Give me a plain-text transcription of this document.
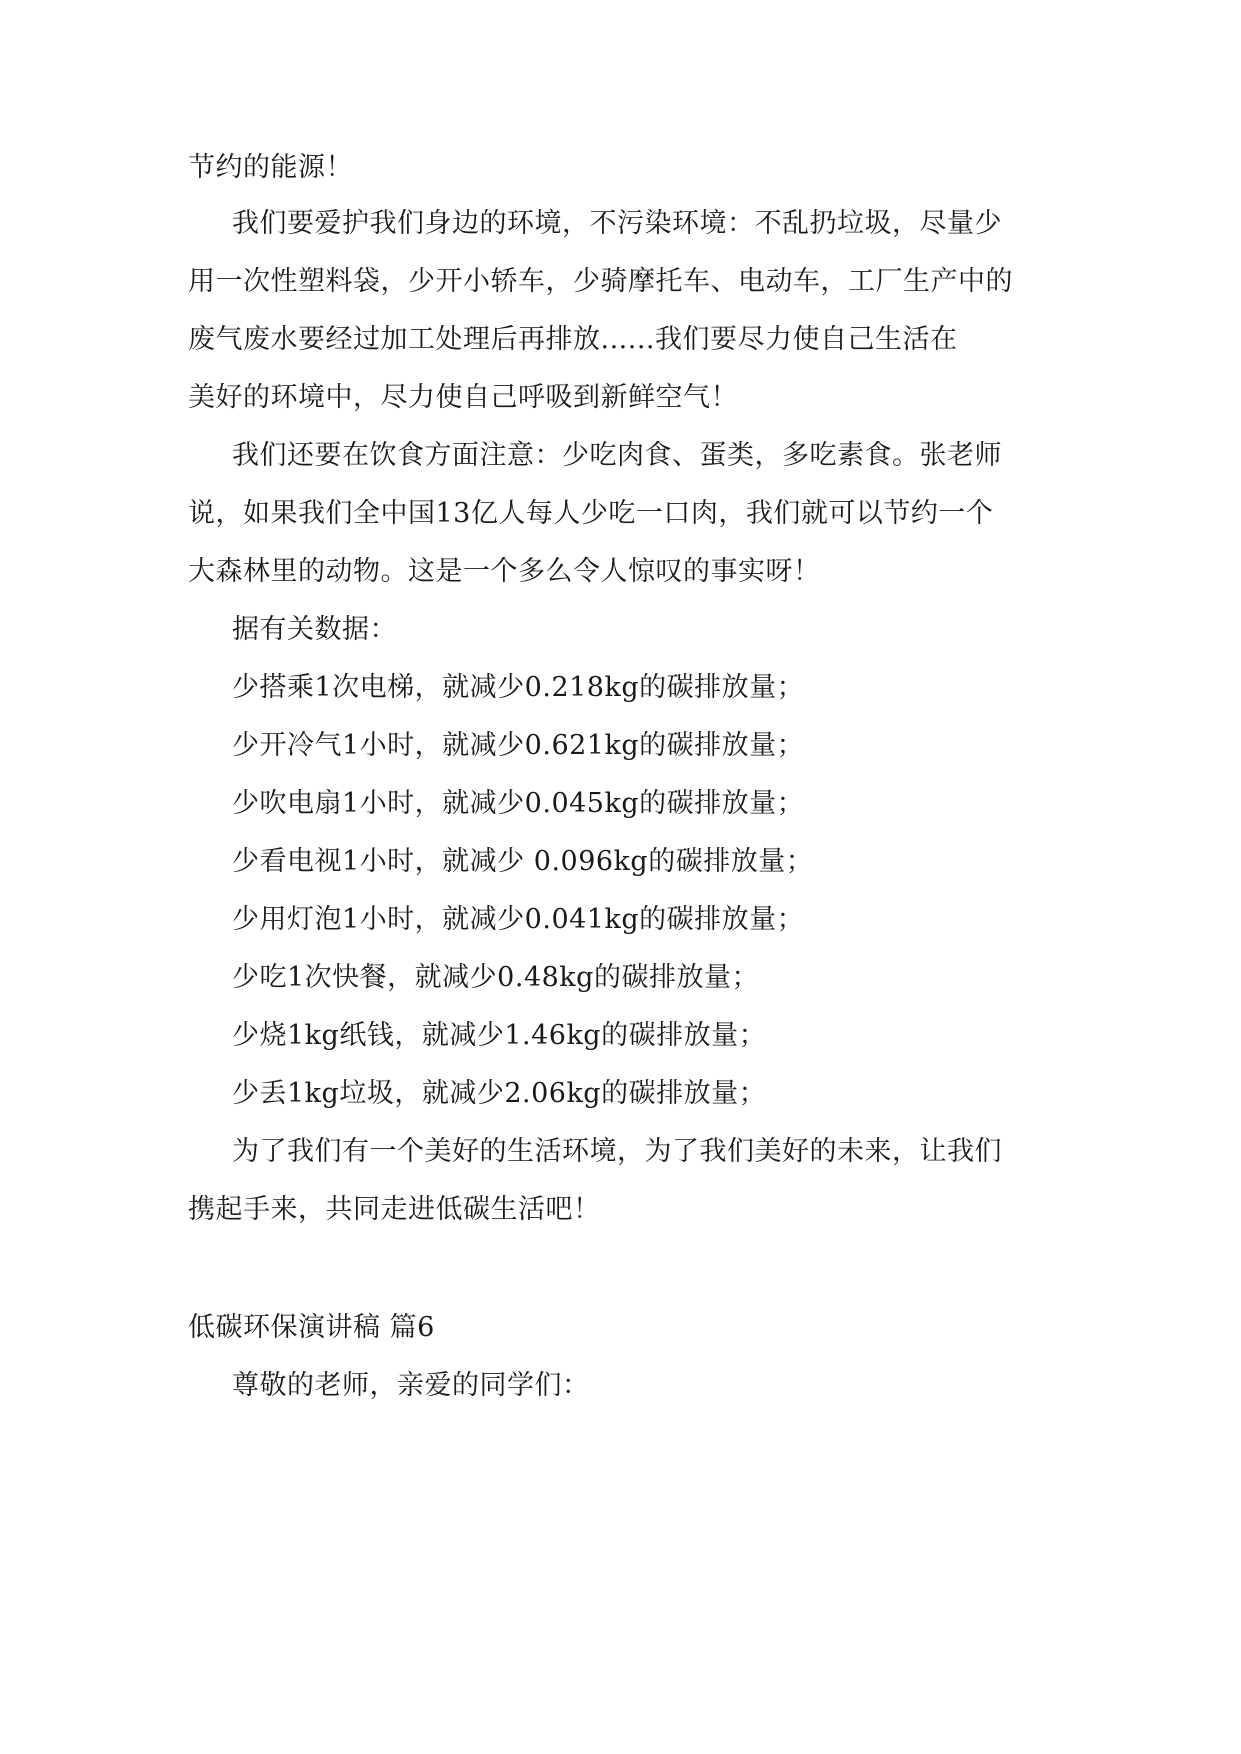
节约的能源！
我们要爱护我们身边的环境，不污染环境：不乱扔垃圾，尽量少
用一次性塑料袋，少开小轿车，少骑摩托车、电动车，工厂生产中的
废气废水要经过加工处理后再排放......我们要尽力使自己生活在
美好的环境中，尽力使自己呼吸到新鲜空气！
我们还要在饮食方面注意：少吃肉食、蛋类，多吃素食。张老师
说，如果我们全中国13亿人每人少吃一口肉，我们就可以节约一个
大森林里的动物。这是一个多么令人惊叹的事实呀！
据有关数据：
少搭乘1次电梯，就减少0.218kg的碳排放量；
少开冷气1小时，就减少0.621kg的碳排放量；
少吹电扇1小时，就减少0.045kg的碳排放量；
少看电视1小时，就减少 0.096kg的碳排放量；
少用灯泡1小时，就减少0.041kg的碳排放量；
少吃1次快餐，就减少0.48kg的碳排放量；
少烧1kg纸钱，就减少1.46kg的碳排放量；
少丢1kg垃圾，就减少2.06kg的碳排放量；
为了我们有一个美好的生活环境，为了我们美好的未来，让我们
携起手来，共同走进低碳生活吧！
低碳环保演讲稿 篇6
尊敬的老师，亲爱的同学们：
